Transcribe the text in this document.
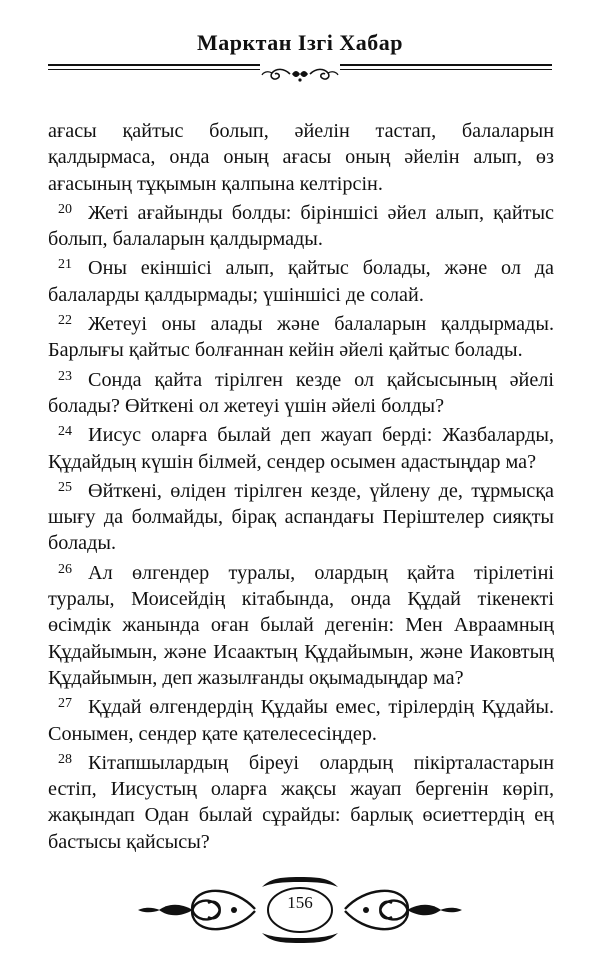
Марктан Ізгі Хабар

ағасы қайтыс болып, әйелін тастап, балаларын қалдырмаса, онда оның ағасы оның әйелін алып, өз ағасының тұқымын қалпына келтірсін.

20 Жеті ағайынды болды: біріншісі әйел алып, қайтыс болып, балаларын қалдырмады.

21 Оны екіншісі алып, қайтыс болады, және ол да балаларды қалдырмады; үшіншісі де солай.

22 Жетеуі оны алады және балаларын қалдырмады. Барлығы қайтыс болғаннан кейін әйелі қайтыс болады.

23 Сонда қайта тірілген кезде ол қайсысының әйелі болады? Өйткені ол жетеуі үшін әйелі болды?

24 Иисус оларға былай деп жауап берді: Жазбаларды, Құдайдың күшін білмей, сендер осымен адастыңдар ма?

25 Өйткені, өліден тірілген кезде, үйлену де, тұрмысқа шығу да болмайды, бірақ аспандағы Періштелер сияқты болады.

26 Ал өлгендер туралы, олардың қайта тірілетіні туралы, Моисейдің кітабында, онда Құдай тікенекті өсімдік жанында оған былай дегенін: Мен Авраамның Құдайымын, және Исаактың Құдайымын, және Иаковтың Құдайымын, деп жазылғанды оқымадыңдар ма?

27 Құдай өлгендердің Құдайы емес, тірілердің Құдайы. Сонымен, сендер қате қателесесіңдер.

28 Кітапшылардың біреуі олардың пікірталастарын естіп, Иисустың оларға жақсы жауап бергенін көріп, жақындап Одан былай сұрайды: барлық өсиеттердің ең бастысы қайсысы?

156
